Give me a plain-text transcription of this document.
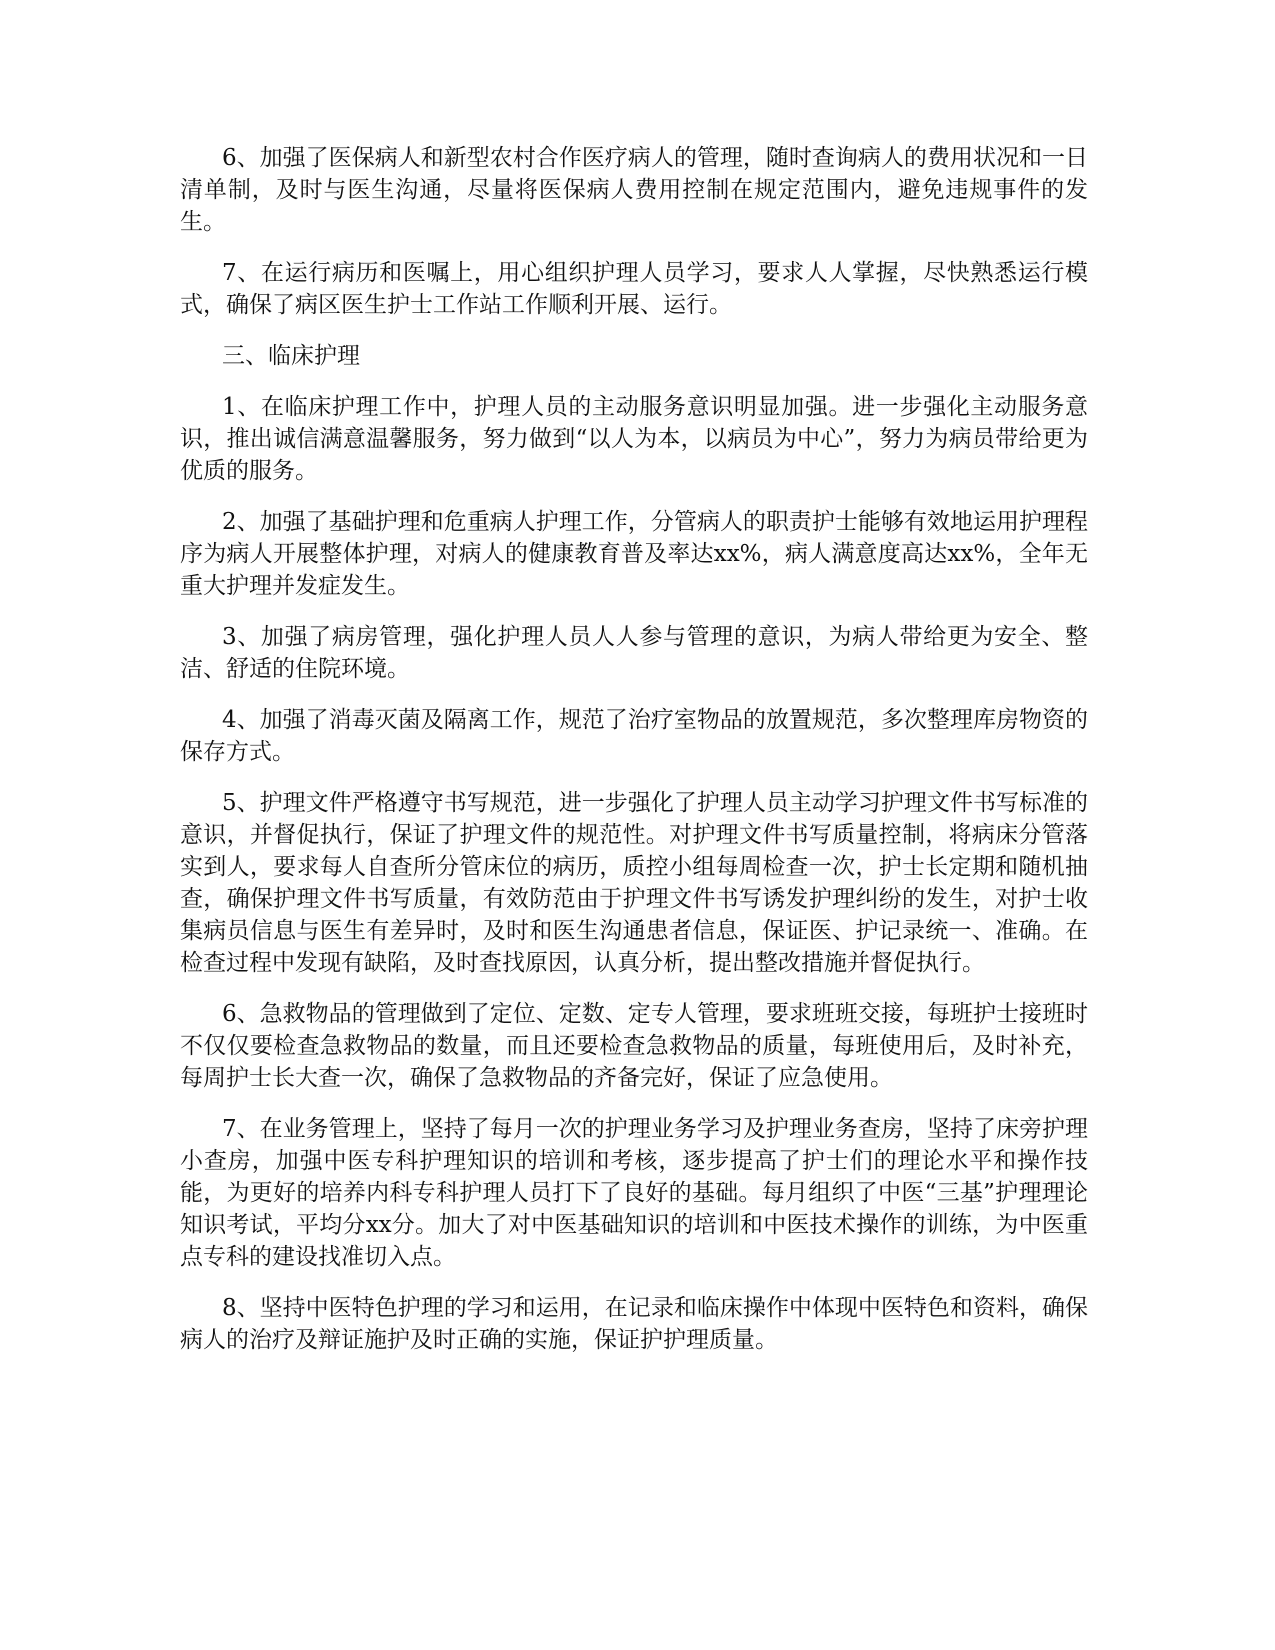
6、加强了医保病人和新型农村合作医疗病人的管理，随时查询病人的费用状况和一日清单制，及时与医生沟通，尽量将医保病人费用控制在规定范围内，避免违规事件的发生。

7、在运行病历和医嘱上，用心组织护理人员学习，要求人人掌握，尽快熟悉运行模式，确保了病区医生护士工作站工作顺利开展、运行。

三、临床护理

1、在临床护理工作中，护理人员的主动服务意识明显加强。进一步强化主动服务意识，推出诚信满意温馨服务，努力做到“以人为本，以病员为中心”，努力为病员带给更为优质的服务。

2、加强了基础护理和危重病人护理工作，分管病人的职责护士能够有效地运用护理程序为病人开展整体护理，对病人的健康教育普及率达xx%，病人满意度高达xx%，全年无重大护理并发症发生。

3、加强了病房管理，强化护理人员人人参与管理的意识，为病人带给更为安全、整洁、舒适的住院环境。

4、加强了消毒灭菌及隔离工作，规范了治疗室物品的放置规范，多次整理库房物资的保存方式。

5、护理文件严格遵守书写规范，进一步强化了护理人员主动学习护理文件书写标准的意识，并督促执行，保证了护理文件的规范性。对护理文件书写质量控制，将病床分管落实到人，要求每人自查所分管床位的病历，质控小组每周检查一次，护士长定期和随机抽查，确保护理文件书写质量，有效防范由于护理文件书写诱发护理纠纷的发生，对护士收集病员信息与医生有差异时，及时和医生沟通患者信息，保证医、护记录统一、准确。在检查过程中发现有缺陷，及时查找原因，认真分析，提出整改措施并督促执行。

6、急救物品的管理做到了定位、定数、定专人管理，要求班班交接，每班护士接班时不仅仅要检查急救物品的数量，而且还要检查急救物品的质量，每班使用后，及时补充，每周护士长大查一次，确保了急救物品的齐备完好，保证了应急使用。

7、在业务管理上，坚持了每月一次的护理业务学习及护理业务查房，坚持了床旁护理小查房，加强中医专科护理知识的培训和考核，逐步提高了护士们的理论水平和操作技能，为更好的培养内科专科护理人员打下了良好的基础。每月组织了中医“三基”护理理论知识考试，平均分xx分。加大了对中医基础知识的培训和中医技术操作的训练，为中医重点专科的建设找准切入点。

8、坚持中医特色护理的学习和运用，在记录和临床操作中体现中医特色和资料，确保病人的治疗及辩证施护及时正确的实施，保证护护理质量。
